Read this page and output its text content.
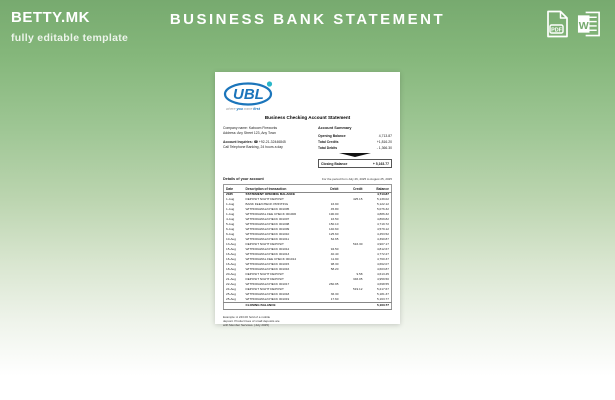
BETTY.MK
fully editable template
BUSINESS BANK STATEMENT
PDF W
UBL
where you come first
Business Checking Account Statement
Company name: Kaboom Fireworks
Address: Any Street 123, Any Town
Account Inquiries: ☎ +92-21-32446845
Call Telephone Banking, 24 hours a day
Account Summary
Opening Balance	4,713.87
Total Credits	+1,816.20
Total Debits	- 1,366.30
Closing Balance	+ 5,163.77
Details of your account	For the period from July 26, 2025 to August 25, 2025
Date	Description of transaction	Debit	Credit	Balance
2025	STATEMENT OPENING BALANCE			4,713.87
1-Aug	DEPOSIT NIGHT DEPOSIT		425.15	5,139.02
1-Aug	BANK FEE/CHECK PRINTING	16.90		5,122.12
1-Aug	WITHDRAWAL/CHECK 001005	45.80		5,076.32
1-Aug	WITHDRAWAL FEE CHECK 001006	190.00		4,886.32
4-Aug	WITHDRAWAL/CHECK 001007	16.50		4,869.82
5-Aug	WITHDRAWAL/CHECK 001008	150.10		4,719.72
6-Aug	WITHDRAWAL/CHECK 001009	140.60		4,579.12
6-Aug	WITHDRAWAL/CHECK 001010	125.60		4,453.52
10-Aug	WITHDRAWAL/CHECK 001011	62.65		4,390.87
13-Aug	DEPOSIT NIGHT DEPOSIT		516.30	4,907.17
15-Aug	WITHDRAWAL/CHECK 001012	94.50		4,812.67
16-Aug	WITHDRAWAL/CHECK 001013	40.40		4,772.27
16-Aug	WITHDRAWAL FEE CHECK 001014	11.90		4,760.37
16-Aug	WITHDRAWAL/CHECK 001015	98.30		4,662.07
18-Aug	WITHDRAWAL/CHECK 001016	58.20		4,603.87
20-Aug	DEPOSIT NIGHT DEPOSIT		9.58	4,613.45
21-Aug	DEPOSIT NIGHT DEPOSIT		346.05	4,959.50
22-Aug	WITHDRAWAL/CHECK 001017	260.95		4,698.55
24-Aug	DEPOSIT NIGHT DEPOSIT		519.12	5,217.67
25-Aug	WITHDRAWAL/CHECK 001018	36.30		5,181.37
25-Aug	WITHDRAWAL/CHECK 001019	17.60		5,163.77
	CLOSING BALANCE			5,163.77
Example: A 243.00 hold of a mobile
deposit. Product fees of small deposits are
with Member Services. (July 2025)
